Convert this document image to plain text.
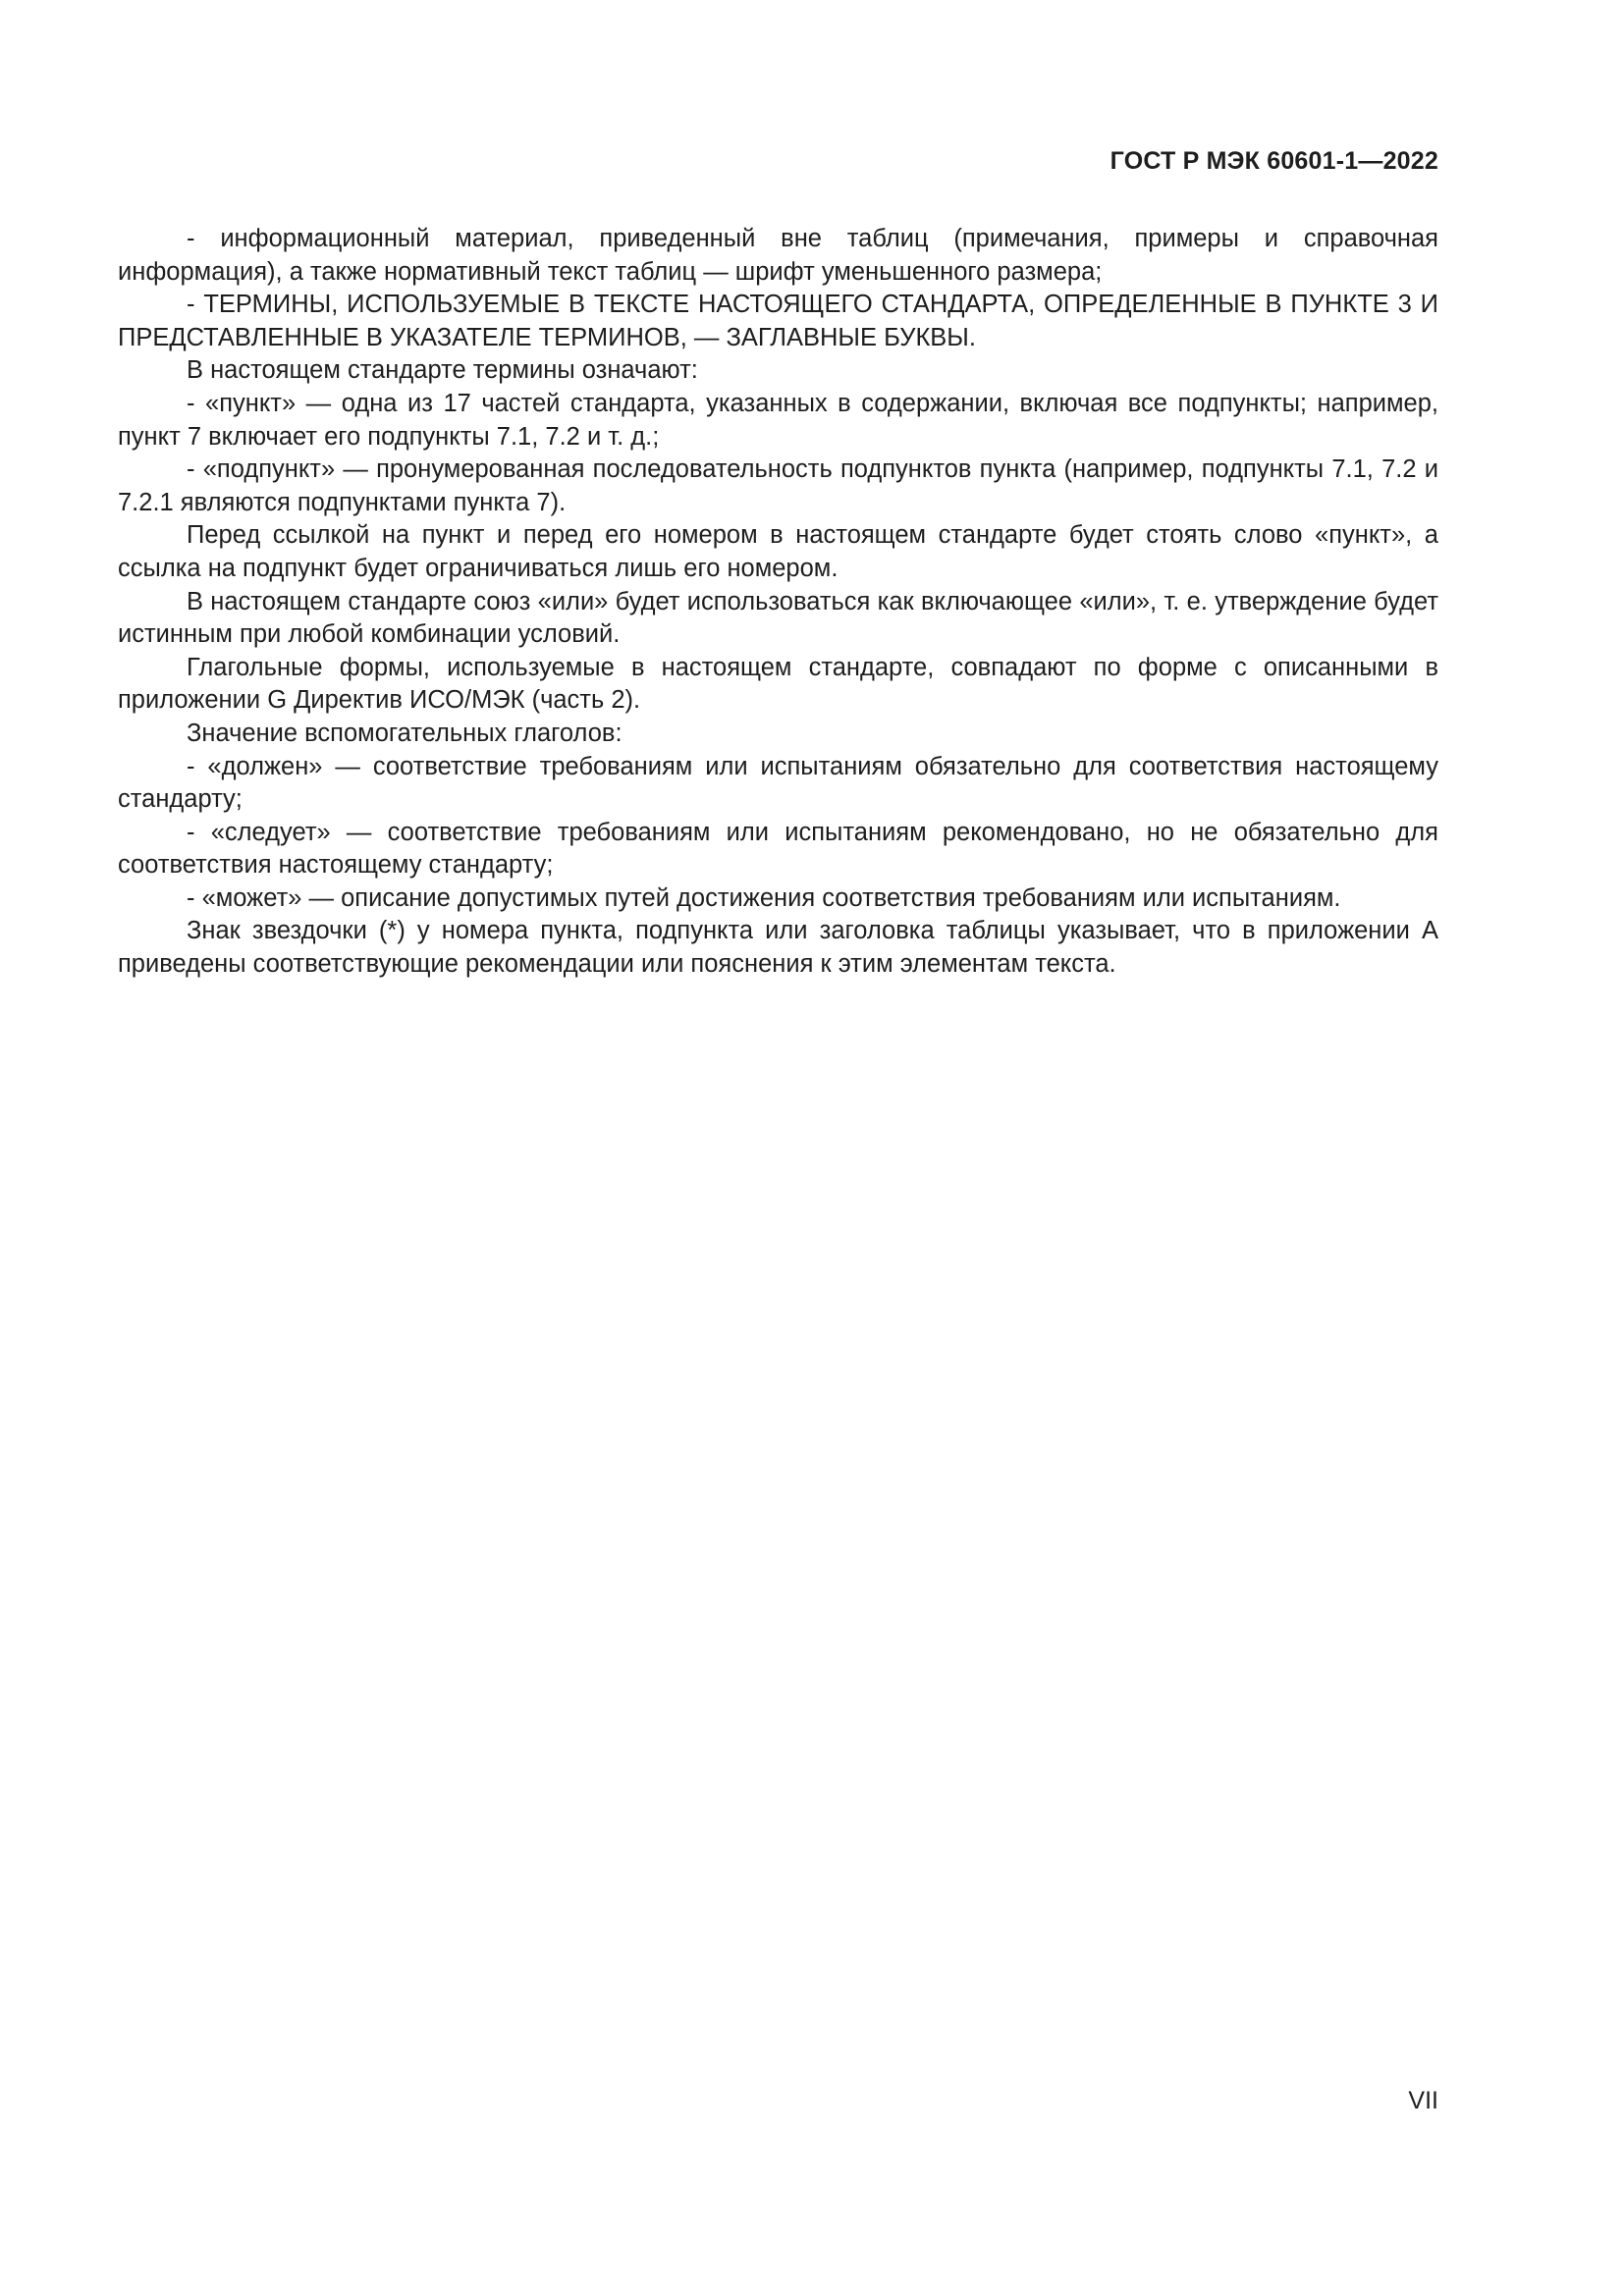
ГОСТ Р МЭК 60601-1—2022

- информационный материал, приведенный вне таблиц (примечания, примеры и справочная информация), а также нормативный текст таблиц — шрифт уменьшенного размера;

- ТЕРМИНЫ, ИСПОЛЬЗУЕМЫЕ В ТЕКСТЕ НАСТОЯЩЕГО СТАНДАРТА, ОПРЕДЕЛЕННЫЕ В ПУНКТЕ 3 И ПРЕДСТАВЛЕННЫЕ В УКАЗАТЕЛЕ ТЕРМИНОВ, — ЗАГЛАВНЫЕ БУКВЫ.

В настоящем стандарте термины означают:

- «пункт» — одна из 17 частей стандарта, указанных в содержании, включая все подпункты; например, пункт 7 включает его подпункты 7.1, 7.2 и т. д.;

- «подпункт» — пронумерованная последовательность подпунктов пункта (например, подпункты 7.1, 7.2 и 7.2.1 являются подпунктами пункта 7).

Перед ссылкой на пункт и перед его номером в настоящем стандарте будет стоять слово «пункт», а ссылка на подпункт будет ограничиваться лишь его номером.

В настоящем стандарте союз «или» будет использоваться как включающее «или», т. е. утверждение будет истинным при любой комбинации условий.

Глагольные формы, используемые в настоящем стандарте, совпадают по форме с описанными в приложении G Директив ИСО/МЭК (часть 2).

Значение вспомогательных глаголов:

- «должен» — соответствие требованиям или испытаниям обязательно для соответствия настоящему стандарту;

- «следует» — соответствие требованиям или испытаниям рекомендовано, но не обязательно для соответствия настоящему стандарту;

- «может» — описание допустимых путей достижения соответствия требованиям или испытаниям.

Знак звездочки (*) у номера пункта, подпункта или заголовка таблицы указывает, что в приложении А приведены соответствующие рекомендации или пояснения к этим элементам текста.

VII
